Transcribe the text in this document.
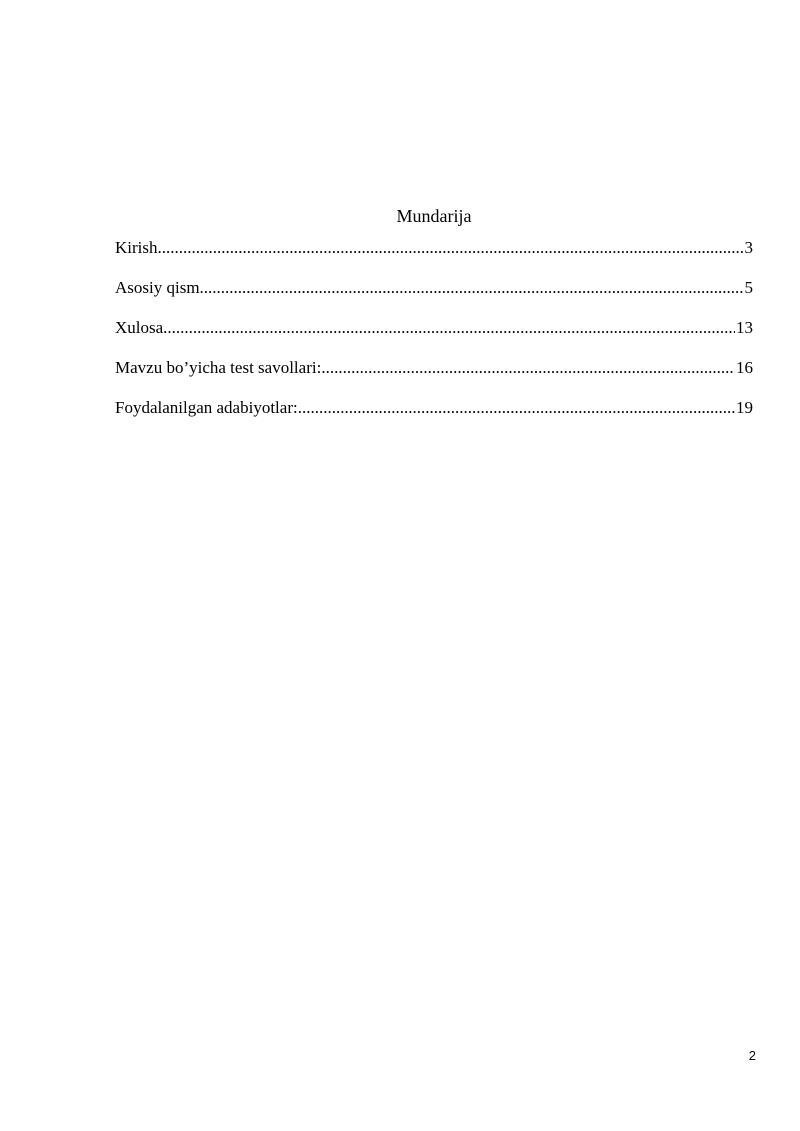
Mundarija
Kirish .....	3
Asosiy qism .....	5
Xulosa .....	13
Mavzu bo’yicha test savollari: .....	16
Foydalanilgan adabiyotlar: .....	19
2
